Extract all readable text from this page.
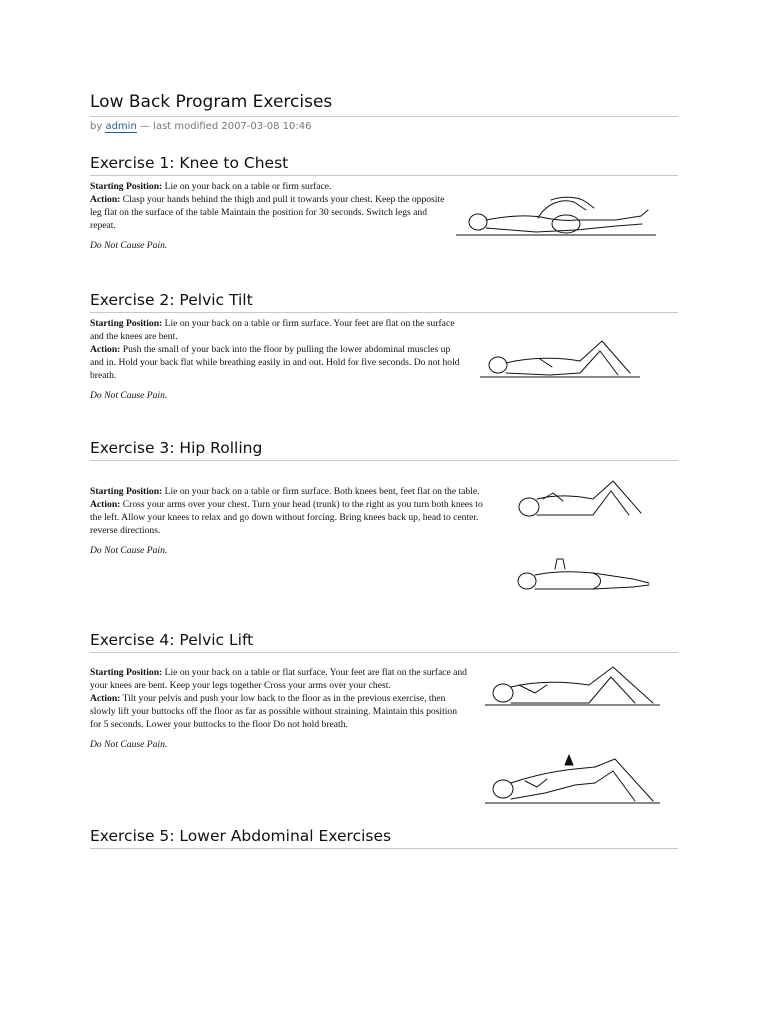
Low Back Program Exercises
by admin — last modified 2007-03-08 10:46
Exercise 1: Knee to Chest
Starting Position: Lie on your back on a table or firm surface.
Action: Clasp your hands behind the thigh and pull it towards your chest. Keep the opposite leg flat on the surface of the table Maintain the position for 30 seconds. Switch legs and repeat.
Do Not Cause Pain.
Exercise 2: Pelvic Tilt
Starting Position: Lie on your back on a table or firm surface. Your feet are flat on the surface and the knees are bent.
Action: Push the small of your back into the floor by pulling the lower abdominal muscles up and in. Hold your back flat while breathing easily in and out. Hold for five seconds. Do not hold breath.
Do Not Cause Pain.
Exercise 3: Hip Rolling
Starting Position: Lie on your back on a table or firm surface. Both knees bent, feet flat on the table.
Action: Cross your arms over your chest. Turn your head (trunk) to the right as you turn both knees to the left. Allow your knees to relax and go down without forcing. Bring knees back up, head to center. reverse directions.
Do Not Cause Pain.
Exercise 4: Pelvic Lift
Starting Position: Lie on your back on a table or flat surface. Your feet are flat on the surface and your knees are bent. Keep your legs together Cross your arms over your chest.
Action: Tilt your pelvis and push your low back to the floor as in the previous exercise, then slowly lift your buttocks off the floor as far as possible without straining. Maintain this position for 5 seconds. Lower your buttocks to the floor Do not hold breath.
Do Not Cause Pain.
Exercise 5: Lower Abdominal Exercises
